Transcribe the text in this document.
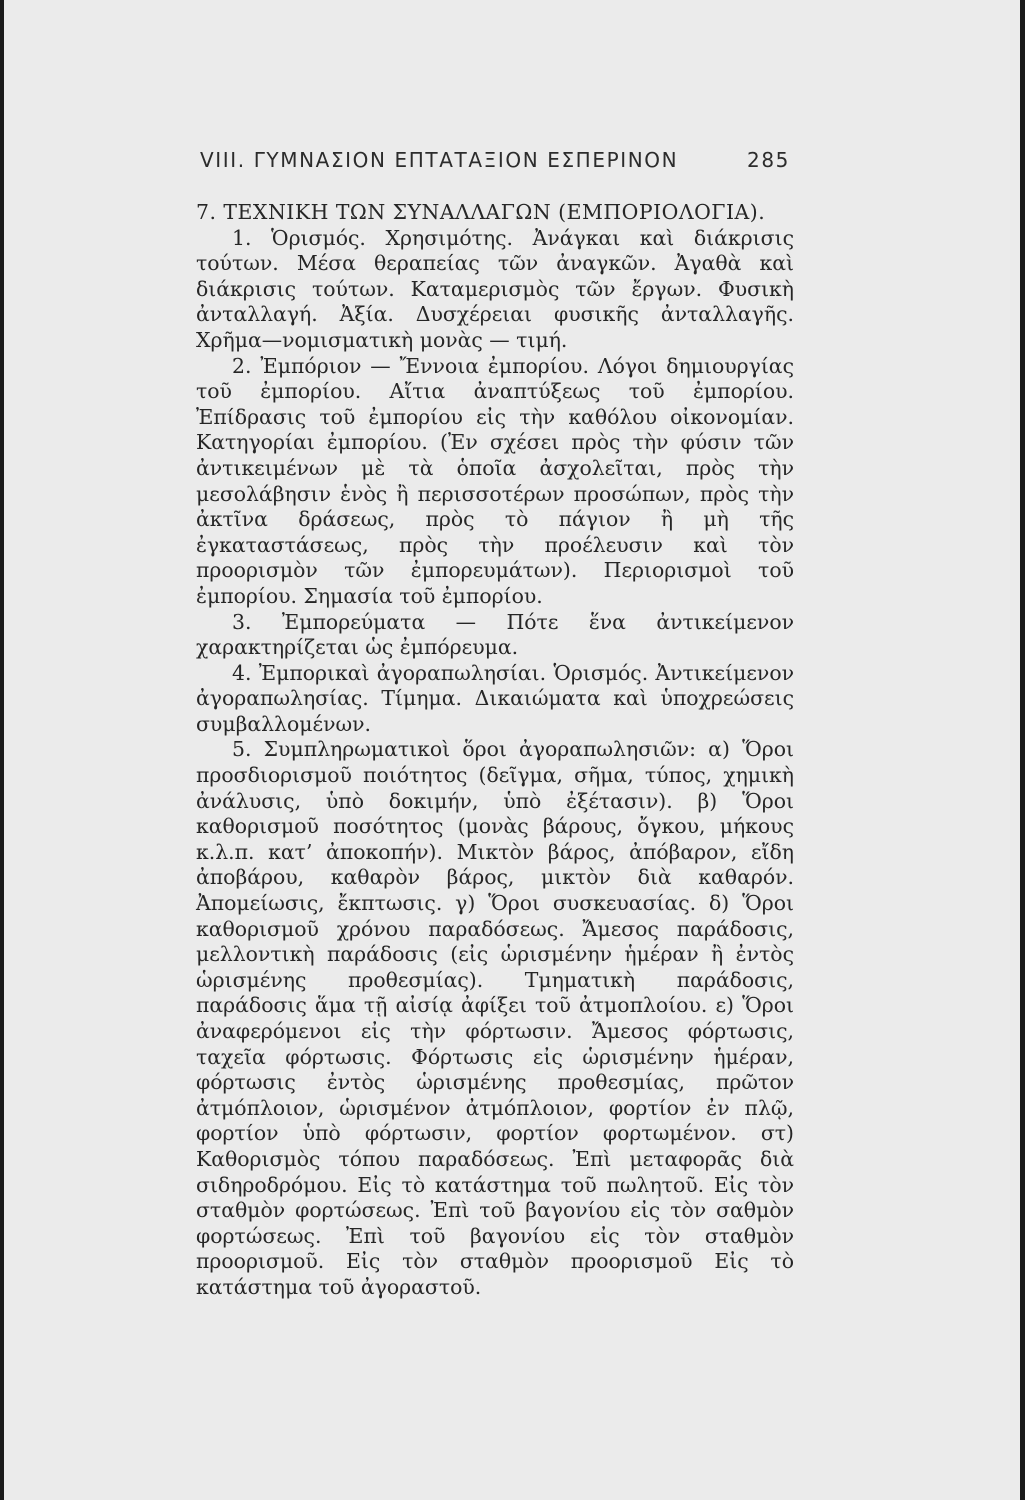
VIII. ΓΥΜΝΑΣΙΟΝ ΕΠΤΑΤΑΞΙΟΝ ΕΣΠΕΡΙΝΟΝ	285

7. ΤΕΧΝΙΚΗ ΤΩΝ ΣΥΝΑΛΛΑΓΩΝ (ΕΜΠΟΡΙΟΛΟΓΙΑ).

1. Ὁρισμός. Χρησιμότης. Ἀνάγκαι καὶ διάκρισις τούτων. Μέσα θεραπείας τῶν ἀναγκῶν. Ἀγαθὰ καὶ διάκρισις τούτων. Καταμερισμὸς τῶν ἔργων. Φυσικὴ ἀνταλλαγή. Ἀξία. Δυσχέρειαι φυσικῆς ἀνταλλαγῆς. Χρῆμα—νομισματικὴ μονὰς — τιμή.

2. Ἐμπόριον — Ἔννοια ἐμπορίου. Λόγοι δημιουργίας τοῦ ἐμπορίου. Αἴτια ἀναπτύξεως τοῦ ἐμπορίου. Ἐπίδρασις τοῦ ἐμπορίου εἰς τὴν καθόλου οἰκονομίαν. Κατηγορίαι ἐμπορίου. (Ἐν σχέσει πρὸς τὴν φύσιν τῶν ἀντικειμένων μὲ τὰ ὁποῖα ἀσχολεῖται, πρὸς τὴν μεσολάβησιν ἑνὸς ἢ περισσοτέρων προσώπων, πρὸς τὴν ἀκτῖνα δράσεως, πρὸς τὸ πάγιον ἢ μὴ τῆς ἐγκαταστάσεως, πρὸς τὴν προέλευσιν καὶ τὸν προορισμὸν τῶν ἐμπορευμάτων). Περιορισμοὶ τοῦ ἐμπορίου. Σημασία τοῦ ἐμπορίου.

3. Ἐμπορεύματα — Πότε ἕνα ἀντικείμενον χαρακτηρίζεται ὡς ἐμπόρευμα.

4. Ἐμπορικαὶ ἀγοραπωλησίαι. Ὁρισμός. Ἀντικείμενον ἀγοραπωλησίας. Τίμημα. Δικαιώματα καὶ ὑποχρεώσεις συμβαλλομένων.

5. Συμπληρωματικοὶ ὅροι ἀγοραπωλησιῶν: α) Ὅροι προσδιορισμοῦ ποιότητος (δεῖγμα, σῆμα, τύπος, χημικὴ ἀνάλυσις, ὑπὸ δοκιμήν, ὑπὸ ἐξέτασιν). β) Ὅροι καθορισμοῦ ποσότητος (μονὰς βάρους, ὄγκου, μήκους κ.λ.π. κατ’ ἀποκοπήν). Μικτὸν βάρος, ἀπόβαρον, εἴδη ἀποβάρου, καθαρὸν βάρος, μικτὸν διὰ καθαρόν. Ἀπομείωσις, ἔκπτωσις. γ) Ὅροι συσκευασίας. δ) Ὅροι καθορισμοῦ χρόνου παραδόσεως. Ἄμεσος παράδοσις, μελλοντικὴ παράδοσις (εἰς ὡρισμένην ἡμέραν ἢ ἐντὸς ὡρισμένης προθεσμίας). Τμηματικὴ παράδοσις, παράδοσις ἅμα τῇ αἰσίᾳ ἀφίξει τοῦ ἀτμοπλοίου. ε) Ὅροι ἀναφερόμενοι εἰς τὴν φόρτωσιν. Ἄμεσος φόρτωσις, ταχεῖα φόρτωσις. Φόρτωσις εἰς ὡρισμένην ἡμέραν, φόρτωσις ἐντὸς ὡρισμένης προθεσμίας, πρῶτον ἀτμόπλοιον, ὡρισμένον ἀτμόπλοιον, φορτίον ἐν πλῷ, φορτίον ὑπὸ φόρτωσιν, φορτίον φορτωμένον. στ) Καθορισμὸς τόπου παραδόσεως. Ἐπὶ μεταφορᾶς διὰ σιδηροδρόμου. Εἰς τὸ κατάστημα τοῦ πωλητοῦ. Εἰς τὸν σταθμὸν φορτώσεως. Ἐπὶ τοῦ βαγονίου εἰς τὸν σαθμὸν φορτώσεως. Ἐπὶ τοῦ βαγονίου εἰς τὸν σταθμὸν προορισμοῦ. Εἰς τὸν σταθμὸν προορισμοῦ Εἰς τὸ κατάστημα τοῦ ἀγοραστοῦ.
